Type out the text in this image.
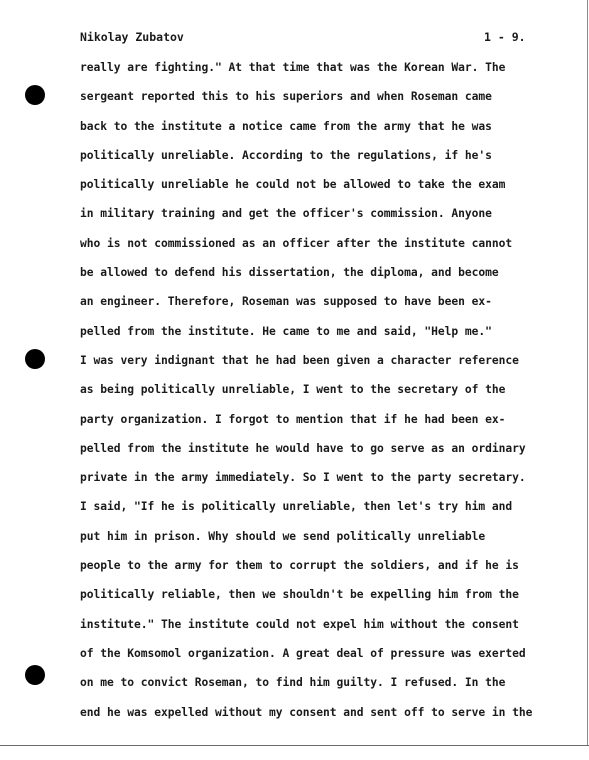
Nikolay Zubatov	1 - 9.
really are fighting." At that time that was the Korean War. The
sergeant reported this to his superiors and when Roseman came
back to the institute a notice came from the army that he was
politically unreliable. According to the regulations, if he's
politically unreliable he could not be allowed to take the exam
in military training and get the officer's commission. Anyone
who is not commissioned as an officer after the institute cannot
be allowed to defend his dissertation, the diploma, and become
an engineer. Therefore, Roseman was supposed to have been ex-
pelled from the institute. He came to me and said, "Help me."
I was very indignant that he had been given a character reference
as being politically unreliable, I went to the secretary of the
party organization. I forgot to mention that if he had been ex-
pelled from the institute he would have to go serve as an ordinary
private in the army immediately. So I went to the party secretary.
I said, "If he is politically unreliable, then let's try him and
put him in prison. Why should we send politically unreliable
people to the army for them to corrupt the soldiers, and if he is
politically reliable, then we shouldn't be expelling him from the
institute." The institute could not expel him without the consent
of the Komsomol organization. A great deal of pressure was exerted
on me to convict Roseman, to find him guilty. I refused. In the
end he was expelled without my consent and sent off to serve in the
